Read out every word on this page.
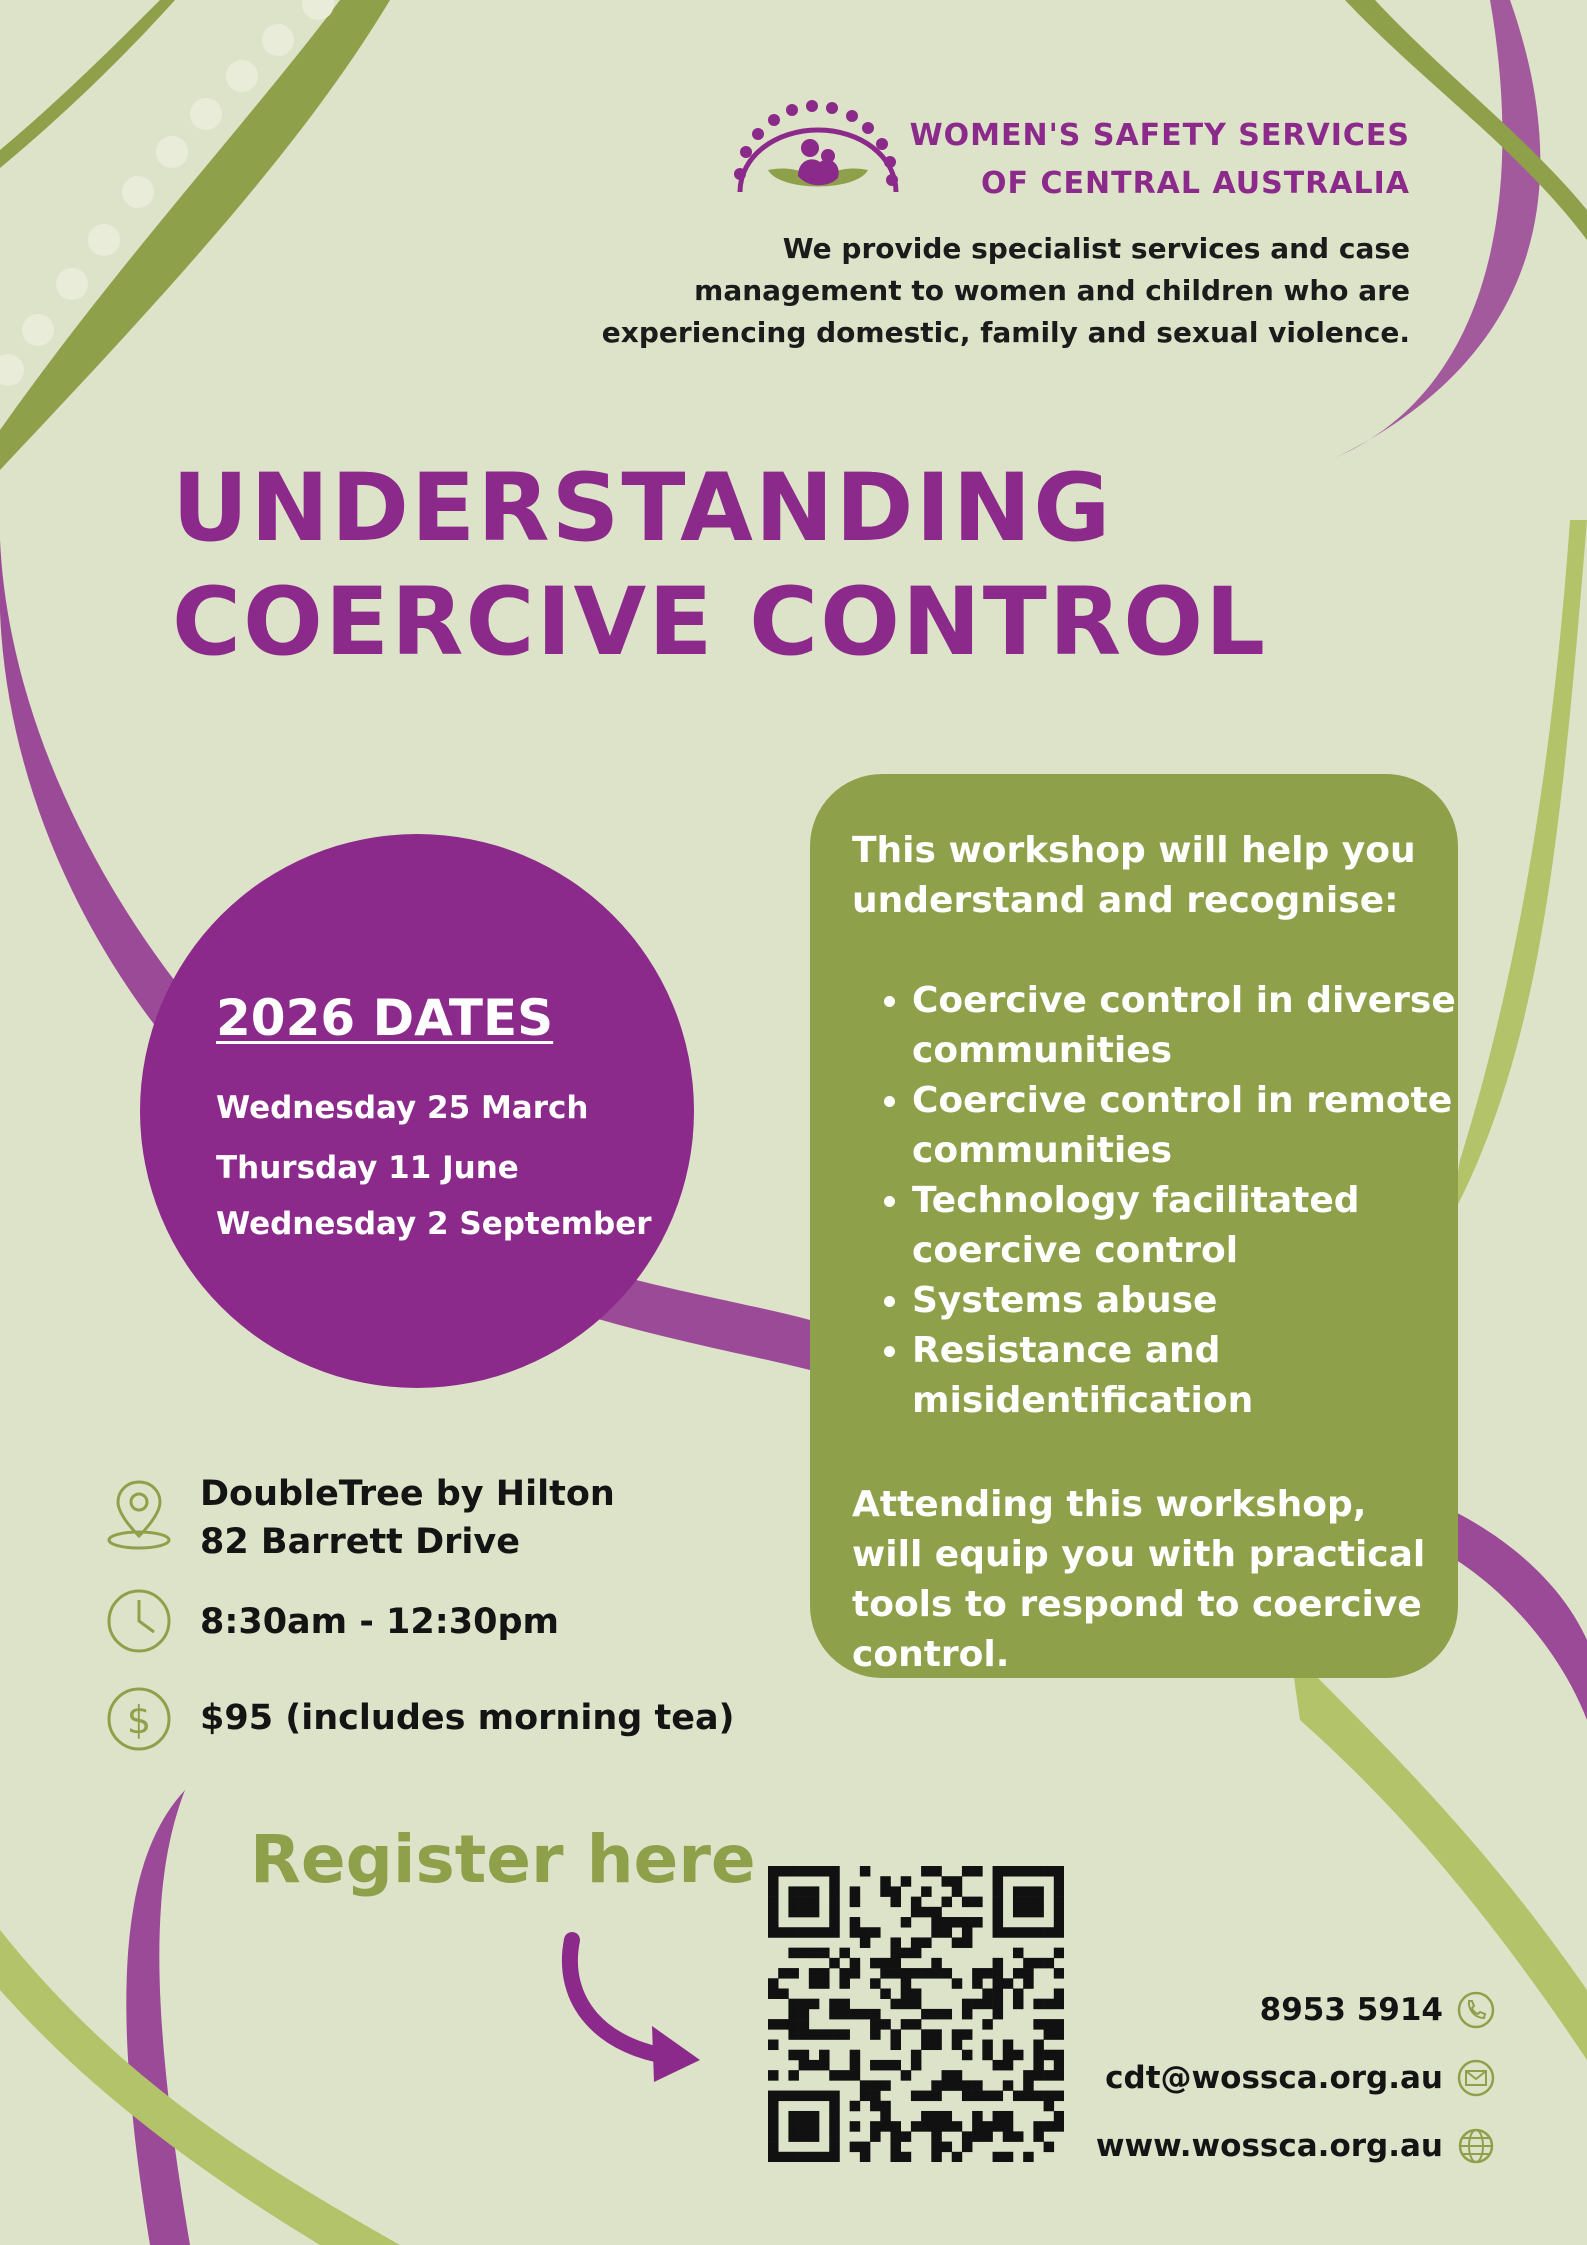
WOMEN'S SAFETY SERVICES
OF CENTRAL AUSTRALIA
We provide specialist services and case
management to women and children who are
experiencing domestic, family and sexual violence.
UNDERSTANDING
COERCIVE CONTROL
2026 DATES
Wednesday 25 March
Thursday 11 June
Wednesday 2 September
This workshop will help you understand and recognise:
• Coercive control in diverse communities
• Coercive control in remote communities
• Technology facilitated coercive control
• Systems abuse
• Resistance and misidentification
Attending this workshop, will equip you with practical tools to respond to coercive control.
DoubleTree by Hilton
82 Barrett Drive
8:30am - 12:30pm
$ $95 (includes morning tea)
Register here
8953 5914
cdt@wossca.org.au
www.wossca.org.au
